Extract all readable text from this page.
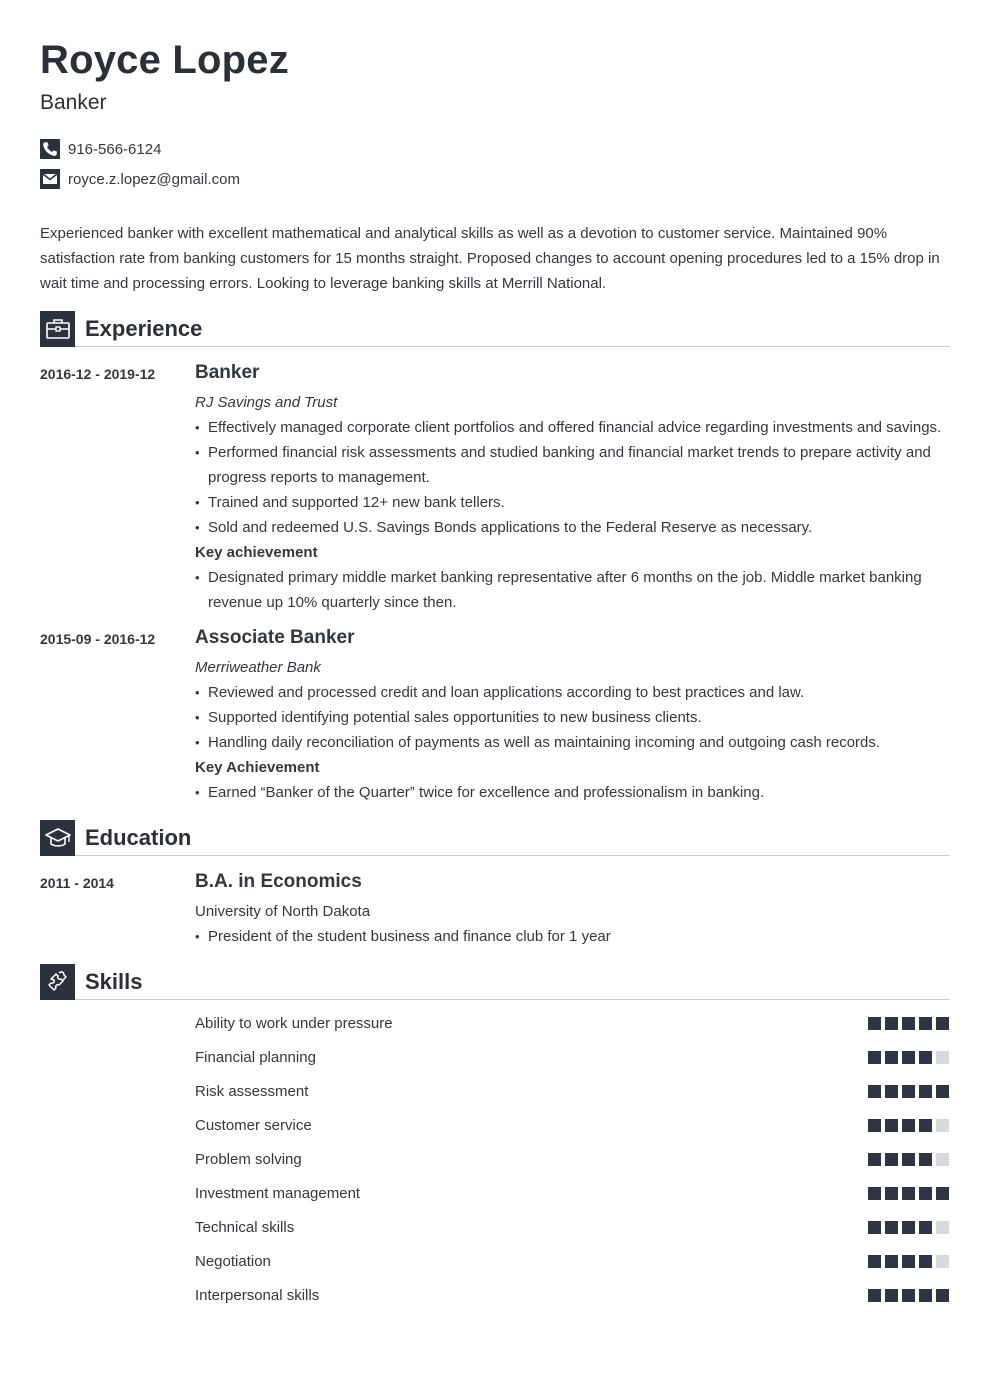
Royce Lopez
Banker
916-566-6124
royce.z.lopez@gmail.com

Experienced banker with excellent mathematical and analytical skills as well as a devotion to customer service. Maintained 90% satisfaction rate from banking customers for 15 months straight. Proposed changes to account opening procedures led to a 15% drop in wait time and processing errors. Looking to leverage banking skills at Merrill National.

Experience
2016-12 - 2019-12 Banker
RJ Savings and Trust
• Effectively managed corporate client portfolios and offered financial advice regarding investments and savings.
• Performed financial risk assessments and studied banking and financial market trends to prepare activity and progress reports to management.
• Trained and supported 12+ new bank tellers.
• Sold and redeemed U.S. Savings Bonds applications to the Federal Reserve as necessary.
Key achievement
• Designated primary middle market banking representative after 6 months on the job. Middle market banking revenue up 10% quarterly since then.
2015-09 - 2016-12 Associate Banker
Merriweather Bank
• Reviewed and processed credit and loan applications according to best practices and law.
• Supported identifying potential sales opportunities to new business clients.
• Handling daily reconciliation of payments as well as maintaining incoming and outgoing cash records.
Key Achievement
• Earned “Banker of the Quarter” twice for excellence and professionalism in banking.
Education
2011 - 2014	B.A. in Economics
University of North Dakota
• President of the student business and finance club for 1 year
Skills
Ability to work under pressure
Financial planning
Risk assessment
Customer service
Problem solving
Investment management
Technical skills
Negotiation
Interpersonal skills
